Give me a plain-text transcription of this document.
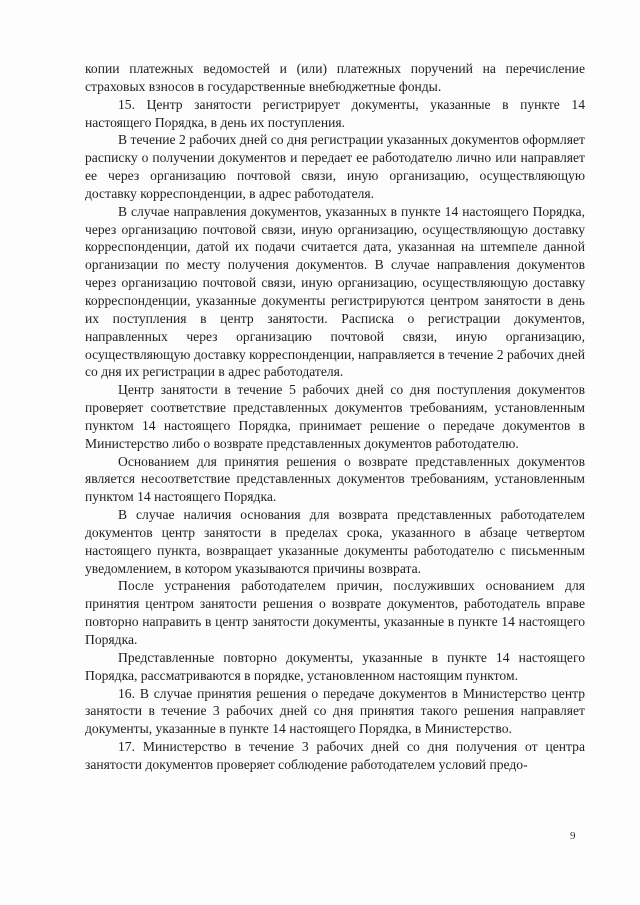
копии платежных ведомостей и (или) платежных поручений на перечисление страховых взносов в государственные внебюджетные фонды.

15. Центр занятости регистрирует документы, указанные в пункте 14 настоящего Порядка, в день их поступления.

В течение 2 рабочих дней со дня регистрации указанных документов оформляет расписку о получении документов и передает ее работодателю лично или направляет ее через организацию почтовой связи, иную организацию, осуществляющую доставку корреспонденции, в адрес работодателя.

В случае направления документов, указанных в пункте 14 настоящего Порядка, через организацию почтовой связи, иную организацию, осуществляющую доставку корреспонденции, датой их подачи считается дата, указанная на штемпеле данной организации по месту получения документов. В случае направления документов через организацию почтовой связи, иную организацию, осуществляющую доставку корреспонденции, указанные документы регистрируются центром занятости в день их поступления в центр занятости. Расписка о регистрации документов, направленных через организацию почтовой связи, иную организацию, осуществляющую доставку корреспонденции, направляется в течение 2 рабочих дней со дня их регистрации в адрес работодателя.

Центр занятости в течение 5 рабочих дней со дня поступления документов проверяет соответствие представленных документов требованиям, установленным пунктом 14 настоящего Порядка, принимает решение о передаче документов в Министерство либо о возврате представленных документов работодателю.

Основанием для принятия решения о возврате представленных документов является несоответствие представленных документов требованиям, установленным пунктом 14 настоящего Порядка.

В случае наличия основания для возврата представленных работодателем документов центр занятости в пределах срока, указанного в абзаце четвертом настоящего пункта, возвращает указанные документы работодателю с письменным уведомлением, в котором указываются причины возврата.

После устранения работодателем причин, послуживших основанием для принятия центром занятости решения о возврате документов, работодатель вправе повторно направить в центр занятости документы, указанные в пункте 14 настоящего Порядка.

Представленные повторно документы, указанные в пункте 14 настоящего Порядка, рассматриваются в порядке, установленном настоящим пунктом.

16. В случае принятия решения о передаче документов в Министерство центр занятости в течение 3 рабочих дней со дня принятия такого решения направляет документы, указанные в пункте 14 настоящего Порядка, в Министерство.

17. Министерство в течение 3 рабочих дней со дня получения от центра занятости документов проверяет соблюдение работодателем условий предо-

9
